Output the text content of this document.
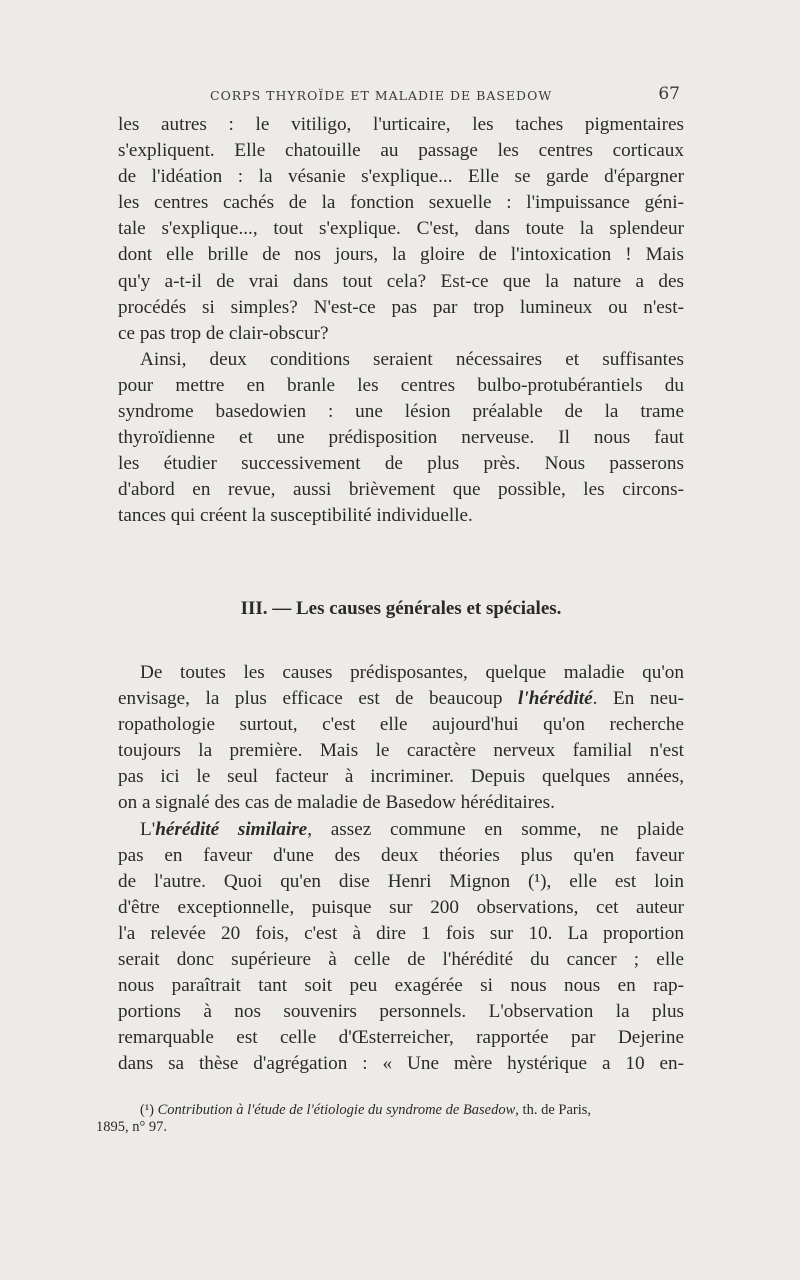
CORPS THYROÏDE ET MALADIE DE BASEDOW	67

les autres : le vitiligo, l'urticaire, les taches pigmentaires

s'expliquent. Elle chatouille au passage les centres corticaux

de l'idéation : la vésanie s'explique... Elle se garde d'épargner

les centres cachés de la fonction sexuelle : l'impuissance géni-

tale s'explique..., tout s'explique. C'est, dans toute la splendeur

dont elle brille de nos jours, la gloire de l'intoxication ! Mais

qu'y a-t-il de vrai dans tout cela? Est-ce que la nature a des

procédés si simples? N'est-ce pas par trop lumineux ou n'est-

ce pas trop de clair-obscur?

Ainsi, deux conditions seraient nécessaires et suffisantes

pour mettre en branle les centres bulbo-protubérantiels du

syndrome basedowien : une lésion préalable de la trame

thyroïdienne et une prédisposition nerveuse. Il nous faut

les étudier successivement de plus près. Nous passerons

d'abord en revue, aussi brièvement que possible, les circons-

tances qui créent la susceptibilité individuelle.

III. — Les causes générales et spéciales.

De toutes les causes prédisposantes, quelque maladie qu'on

envisage, la plus efficace est de beaucoup l'hérédité. En neu-

ropathologie surtout, c'est elle aujourd'hui qu'on recherche

toujours la première. Mais le caractère nerveux familial n'est

pas ici le seul facteur à incriminer. Depuis quelques années,

on a signalé des cas de maladie de Basedow héréditaires.

L'hérédité similaire, assez commune en somme, ne plaide

pas en faveur d'une des deux théories plus qu'en faveur

de l'autre. Quoi qu'en dise Henri Mignon (¹), elle est loin

d'être exceptionnelle, puisque sur 200 observations, cet auteur

l'a relevée 20 fois, c'est à dire 1 fois sur 10. La proportion

serait donc supérieure à celle de l'hérédité du cancer ; elle

nous paraîtrait tant soit peu exagérée si nous nous en rap-

portions à nos souvenirs personnels. L'observation la plus

remarquable est celle d'Œsterreicher, rapportée par Dejerine

dans sa thèse d'agrégation : « Une mère hystérique a 10 en-

(¹) Contribution à l'étude de l'étiologie du syndrome de Basedow, th. de Paris,
1895, n° 97.
